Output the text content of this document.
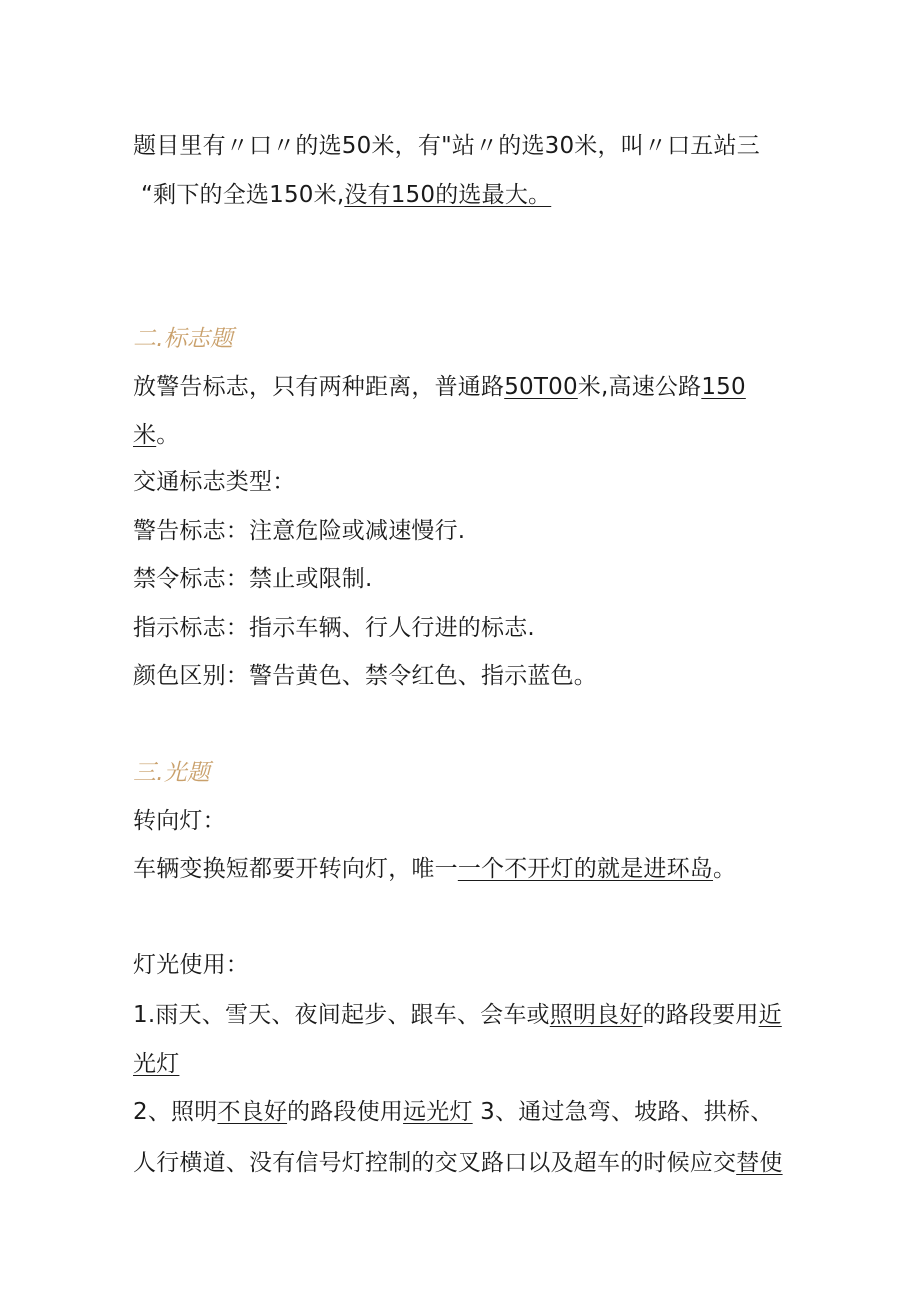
题目里有〃口〃的选50米，有"站〃的选30米，叫〃口五站三
“剩下的全选150米,没有150的选最大。
二.标志题
放警告标志，只有两种距离，普通路50T00米,高速公路150
米。
交通标志类型：
警告标志：注意危险或减速慢行.
禁令标志：禁止或限制.
指示标志：指示车辆、行人行进的标志.
颜色区别：警告黄色、禁令红色、指示蓝色。
三.光题
转向灯：
车辆变换短都要开转向灯，唯一一个不开灯的就是进环岛。
灯光使用：
1.雨天、雪天、夜间起步、跟车、会车或照明良好的路段要用近
光灯
2、照明不良好的路段使用远光灯 3、通过急弯、坡路、拱桥、
人行横道、没有信号灯控制的交叉路口以及超车的时候应交替使
